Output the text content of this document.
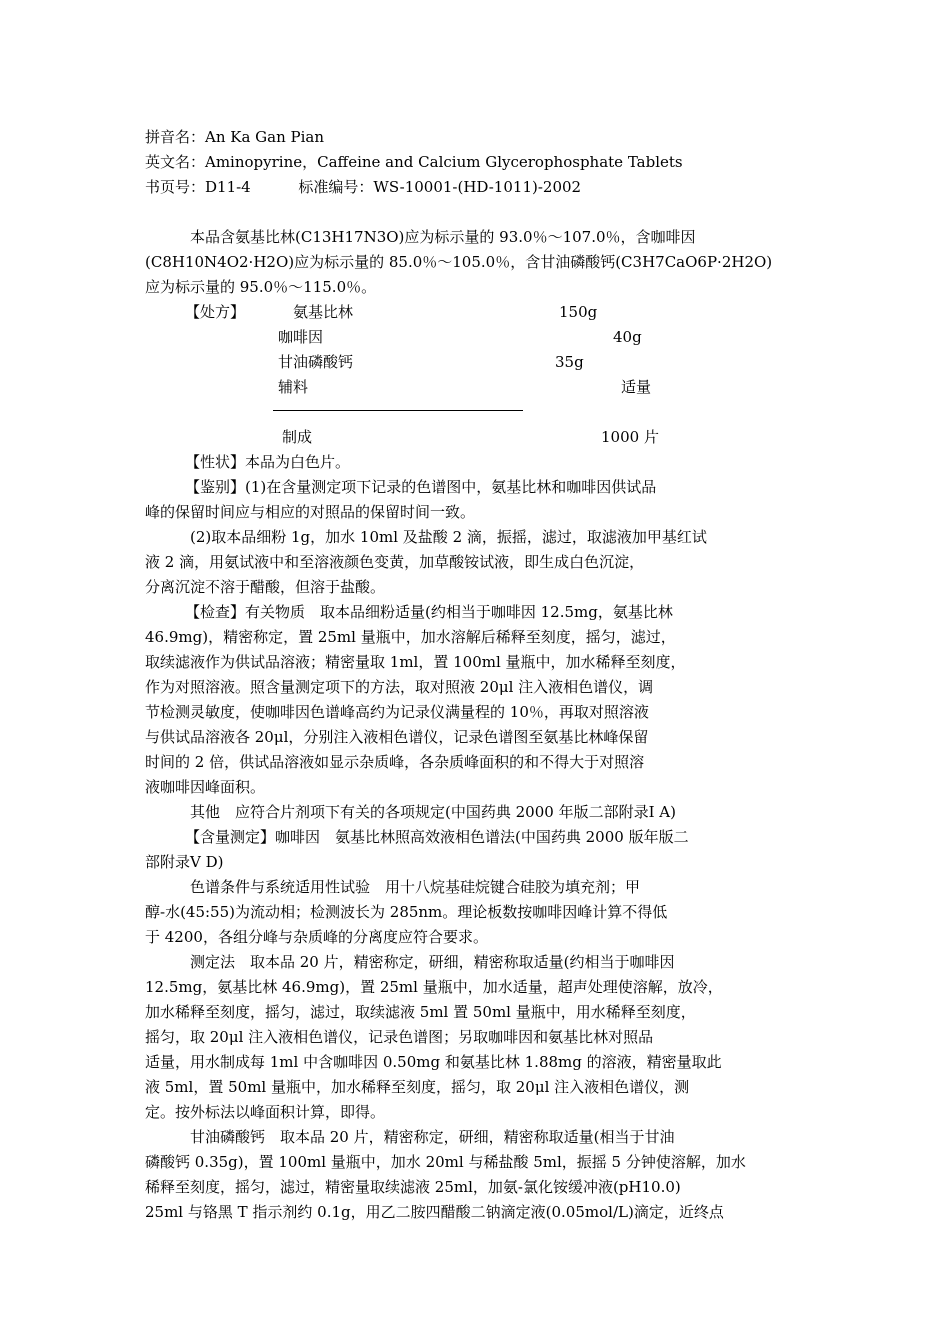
拼音名：An Ka Gan Pian
英文名：Aminopyrine，Caffeine and Calcium Glycerophosphate Tablets
书页号：D11-4          标准编号：WS-10001-(HD-1011)-2002
本品含氨基比林(C13H17N3O)应为标示量的 93.0％～107.0％，含咖啡因
(C8H10N4O2·H2O)应为标示量的 85.0％～105.0％，含甘油磷酸钙(C3H7CaO6P·2H2O)
应为标示量的 95.0％～115.0％。
【处方】	氨基比林	150g
咖啡因	40g
甘油磷酸钙	35g
辅料	适量
制成	1000 片
【性状】本品为白色片。
【鉴别】(1)在含量测定项下记录的色谱图中，氨基比林和咖啡因供试品
峰的保留时间应与相应的对照品的保留时间一致。
(2)取本品细粉 1g，加水 10ml 及盐酸 2 滴，振摇，滤过，取滤液加甲基红试
液 2 滴，用氨试液中和至溶液颜色变黄，加草酸铵试液，即生成白色沉淀，
分离沉淀不溶于醋酸，但溶于盐酸。
【检查】有关物质　取本品细粉适量(约相当于咖啡因 12.5mg，氨基比林
46.9mg)，精密称定，置 25ml 量瓶中，加水溶解后稀释至刻度，摇匀，滤过，
取续滤液作为供试品溶液；精密量取 1ml，置 100ml 量瓶中，加水稀释至刻度，
作为对照溶液。照含量测定项下的方法，取对照液 20μl 注入液相色谱仪，调
节检测灵敏度，使咖啡因色谱峰高约为记录仪满量程的 10％，再取对照溶液
与供试品溶液各 20μl，分别注入液相色谱仪，记录色谱图至氨基比林峰保留
时间的 2 倍，供试品溶液如显示杂质峰，各杂质峰面积的和不得大于对照溶
液咖啡因峰面积。
其他　应符合片剂项下有关的各项规定(中国药典 2000 年版二部附录Ⅰ A)
【含量测定】咖啡因　氨基比林照高效液相色谱法(中国药典 2000 版年版二
部附录Ⅴ D)
色谱条件与系统适用性试验　用十八烷基硅烷键合硅胶为填充剂；甲
醇-水(45:55)为流动相；检测波长为 285nm。理论板数按咖啡因峰计算不得低
于 4200，各组分峰与杂质峰的分离度应符合要求。
测定法　取本品 20 片，精密称定，研细，精密称取适量(约相当于咖啡因
12.5mg，氨基比林 46.9mg)，置 25ml 量瓶中，加水适量，超声处理使溶解，放冷，
加水稀释至刻度，摇匀，滤过，取续滤液 5ml 置 50ml 量瓶中，用水稀释至刻度，
摇匀，取 20μl 注入液相色谱仪，记录色谱图；另取咖啡因和氨基比林对照品
适量，用水制成每 1ml 中含咖啡因 0.50mg 和氨基比林 1.88mg 的溶液，精密量取此
液 5ml，置 50ml 量瓶中，加水稀释至刻度，摇匀，取 20μl 注入液相色谱仪，测
定。按外标法以峰面积计算，即得。
甘油磷酸钙　取本品 20 片，精密称定，研细，精密称取适量(相当于甘油
磷酸钙 0.35g)，置 100ml 量瓶中，加水 20ml 与稀盐酸 5ml，振摇 5 分钟使溶解，加水
稀释至刻度，摇匀，滤过，精密量取续滤液 25ml，加氨-氯化铵缓冲液(pH10.0)
25ml 与铬黑 T 指示剂约 0.1g，用乙二胺四醋酸二钠滴定液(0.05mol/L)滴定，近终点
